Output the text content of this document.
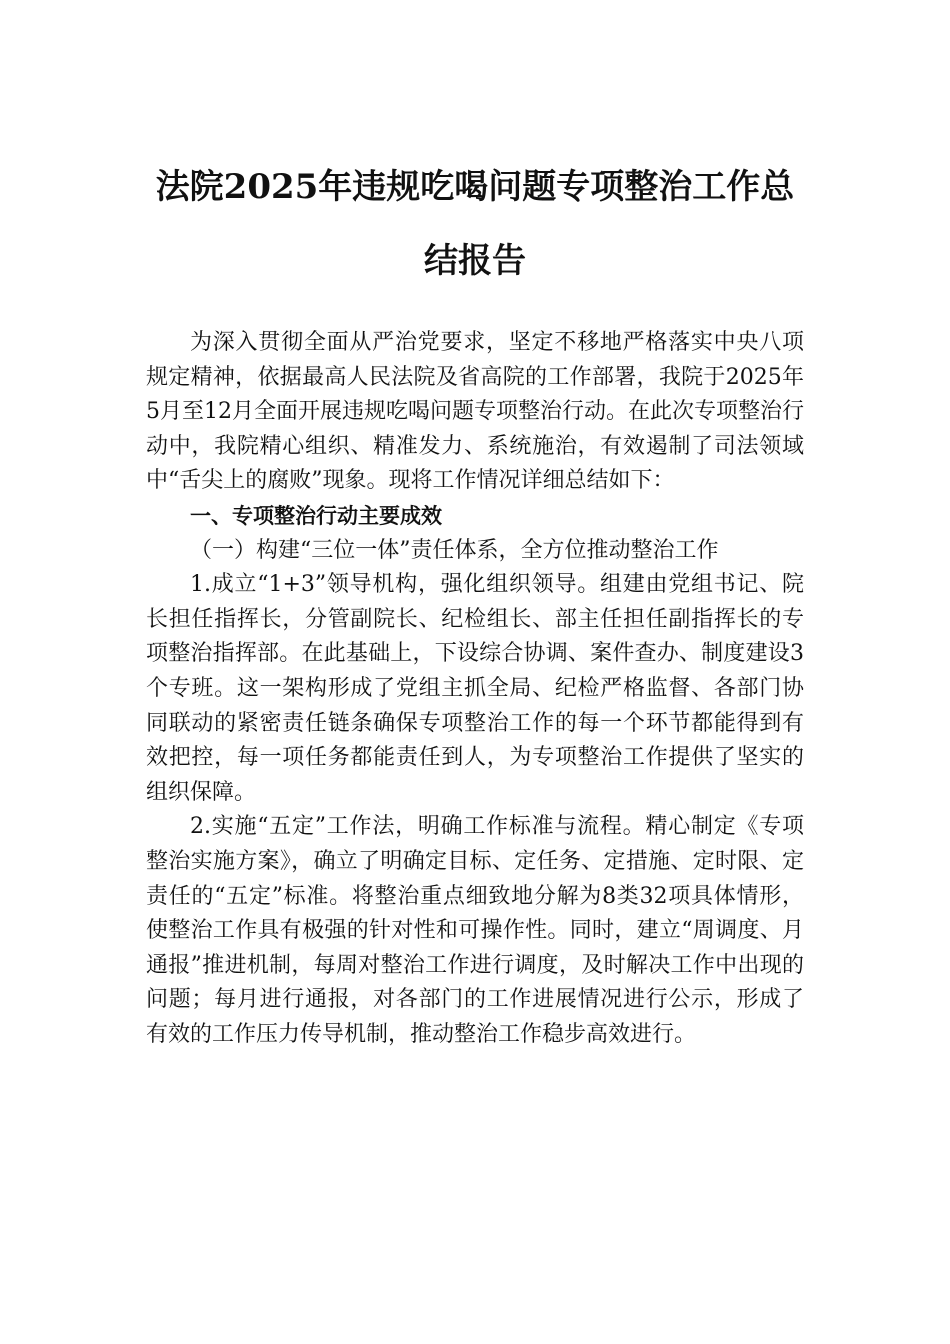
法院2025年违规吃喝问题专项整治工作总结报告

为深入贯彻全面从严治党要求，坚定不移地严格落实中央八项规定精神，依据最高人民法院及省高院的工作部署，我院于2025年5月至12月全面开展违规吃喝问题专项整治行动。在此次专项整治行动中，我院精心组织、精准发力、系统施治，有效遏制了司法领域中“舌尖上的腐败”现象。现将工作情况详细总结如下：

一、专项整治行动主要成效

（一）构建“三位一体”责任体系，全方位推动整治工作

1.成立“1+3”领导机构，强化组织领导。组建由党组书记、院长担任指挥长，分管副院长、纪检组长、部主任担任副指挥长的专项整治指挥部。在此基础上，下设综合协调、案件查办、制度建设3个专班。这一架构形成了党组主抓全局、纪检严格监督、各部门协同联动的紧密责任链条确保专项整治工作的每一个环节都能得到有效把控，每一项任务都能责任到人，为专项整治工作提供了坚实的组织保障。

2.实施“五定”工作法，明确工作标准与流程。精心制定《专项整治实施方案》，确立了明确定目标、定任务、定措施、定时限、定责任的“五定”标准。将整治重点细致地分解为8类32项具体情形，使整治工作具有极强的针对性和可操作性。同时，建立“周调度、月通报”推进机制，每周对整治工作进行调度，及时解决工作中出现的问题；每月进行通报，对各部门的工作进展情况进行公示，形成了有效的工作压力传导机制，推动整治工作稳步高效进行。
